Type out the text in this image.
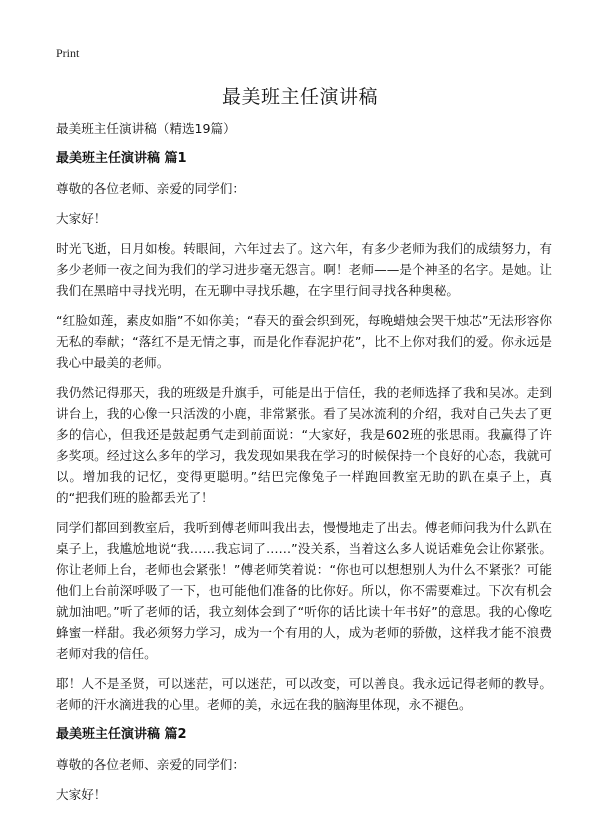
Print
最美班主任演讲稿

最美班主任演讲稿（精选19篇）

最美班主任演讲稿 篇1

尊敬的各位老师、亲爱的同学们：

大家好！

时光飞逝，日月如梭。转眼间，六年过去了。这六年，有多少老师为我们的成绩努力，有多少老师一夜之间为我们的学习进步毫无怨言。啊！老师——是个神圣的名字。是她。让我们在黑暗中寻找光明，在无聊中寻找乐趣，在字里行间寻找各种奥秘。

“红脸如莲，素皮如脂”不如你美；“春天的蚕会织到死，每晚蜡烛会哭干烛芯”无法形容你无私的奉献；“落红不是无情之事，而是化作春泥护花”，比不上你对我们的爱。你永远是我心中最美的老师。

我仍然记得那天，我的班级是升旗手，可能是出于信任，我的老师选择了我和吴冰。走到讲台上，我的心像一只活泼的小鹿，非常紧张。看了吴冰流利的介绍，我对自己失去了更多的信心，但我还是鼓起勇气走到前面说：“大家好，我是602班的张思雨。我赢得了许多奖项。经过这么多年的学习，我发现如果我在学习的时候保持一个良好的心态，我就可以。增加我的记忆，变得更聪明。”结巴完像兔子一样跑回教室无助的趴在桌子上，真的“把我们班的脸都丢光了！

同学们都回到教室后，我听到傅老师叫我出去，慢慢地走了出去。傅老师问我为什么趴在桌子上，我尴尬地说“我……我忘词了……”没关系，当着这么多人说话难免会让你紧张。你让老师上台，老师也会紧张！”傅老师笑着说：“你也可以想想别人为什么不紧张？可能他们上台前深呼吸了一下，也可能他们准备的比你好。所以，你不需要难过。下次有机会就加油吧。”听了老师的话，我立刻体会到了“听你的话比读十年书好”的意思。我的心像吃蜂蜜一样甜。我必须努力学习，成为一个有用的人，成为老师的骄傲，这样我才能不浪费老师对我的信任。

耶！人不是圣贤，可以迷茫，可以迷茫，可以改变，可以善良。我永远记得老师的教导。老师的汗水滴进我的心里。老师的美，永远在我的脑海里体现，永不褪色。

最美班主任演讲稿 篇2

尊敬的各位老师、亲爱的同学们：

大家好！
